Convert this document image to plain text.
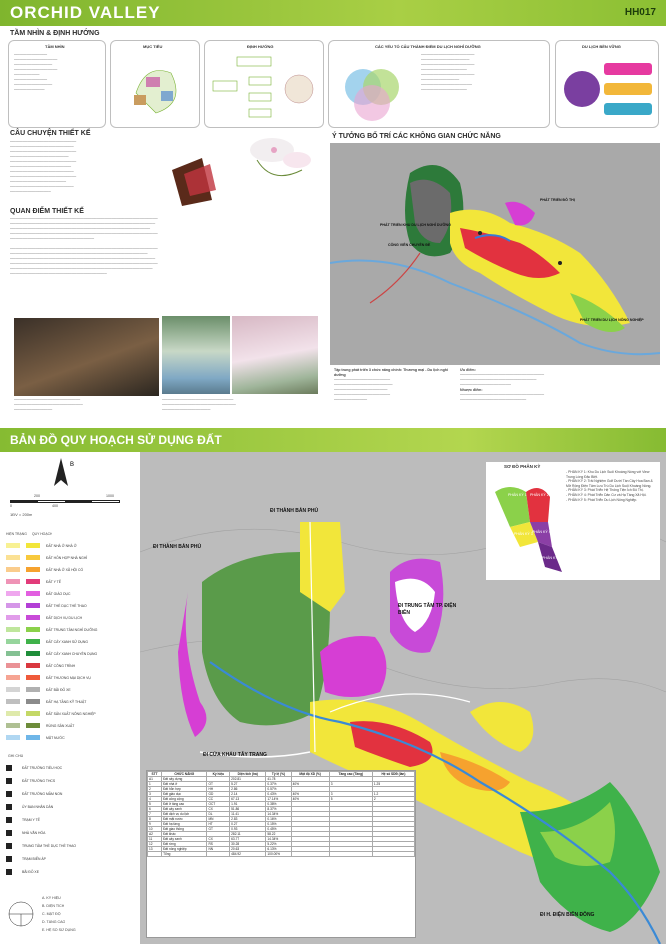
ORCHID VALLEY	HH017
TẦM NHÌN & ĐỊNH HƯỚNG
TẦM NHÌN
─────────────
─────────────────
───────────────
─────────────────
──────────
─────────────
───────────────
────────────
MỤC TIÊU	ĐỊNH HƯỚNG	CÁC YẾU TỐ CẤU THÀNH ĐIỂM DU LỊCH NGHỈ DƯỠNG
─────────────────────
───────────────────
─────────────────────
──────────────────
─────────────────────
───────────────
────────────────────
──────────────────
DU LỊCH BỀN VỮNG
CÂU CHUYỆN THIẾT KẾ
──────────────────────────
─────────────────────────
──────────────────────────
───────────────────────
──────────────────────────
────────────────────────
─────────────────────────
──────────────────────────
──────────────────────
─────────────────────────
────────────────
QUAN ĐIỂM THIẾT KẾ
──────────────────────────────────────────────────────────
─────────────────────────────────────────────────────────
───────────────────────────────────────────────────────
──────────────────────────────────────────────────────────
─────────────────────────────────

──────────────────────────────────────────────────────────
──────────────────────────────────────────────────────
─────────────────────────────────────────────────────────
──────────────────────────────────────────────────────────
────────────────────────────────────────────────────────
──────────────────────────────────────
──────────────────────────
───────────────────────────
───────────────
────────────────────────────
─────────────────────────────
───────────────────
Ý TƯỞNG BỐ TRÍ CÁC KHÔNG GIAN CHỨC NĂNG
PHÁT TRIỂN KHU DU LỊCH NGHỈ DƯỠNG
CÔNG VIÊN CHUYÊN ĐỀ
PHÁT TRIỂN ĐÔ THỊ
PHÁT TRIỂN DU LỊCH NÔNG NGHIỆP
Tập trung phát triển 3 chức năng chính: Thương mại - Du lịch nghỉ dưỡng
──────────────────────
───────────────────────
─────────────────────
──────────────────────
─────────────
Ưu điểm:
─────────────────────────────────
──────────────────────────────
────────────────────
Nhược điểm:
─────────────────────────────────
──────────────────────────
BẢN ĐỒ QUY HOẠCH SỬ DỤNG ĐẤT
ĐI THÀNH BẢN PHỦ
ĐI THÀNH BẢN PHỦ
ĐI TRUNG TÂM TP. ĐIỆN BIÊN
ĐI CỬA KHẨU TÂY TRANG
ĐI H. ĐIỆN BIÊN ĐÔNG
SƠ ĐỒ PHÂN KỲ
PHÂN KỲ 1 PHÂN KỲ 2
PHÂN KỲ 3 PHÂN KỲ 4
PHÂN KỲ 5
- PHÂN KỲ 1: Khu Du Lịch Suối Khoáng Nóng với View Trung Lòng Đặc Biệt.
- PHÂN KỲ 2: Trải Nghiệm Golf Dưới Tán Cây Hoa Ban & Mở Rộng Điện Tâm Lưu Trú Du Lịch Suối Khoáng Nóng.
- PHÂN KỲ 3: Phát Triển Hệ Thống Tiện Ích Đô Thị.
- PHÂN KỲ 4: Phát Triển Dân Cư và Hạ Tầng Xã Hội.
- PHÂN KỲ 5: Phát Triển Du Lịch Nông Nghiệp.
B
0
200
400
1000
1ĐV = 200m
HIỆN TRẠNG QUY HOẠCH
ĐẤT NHÀ Ở NHÀ Ở
ĐẤT HỖN HỢP NHÀ NGHỈ
ĐẤT NHÀ Ở XÃ HỘI CÓ
ĐẤT Y TẾ
ĐẤT GIÁO DỤC
ĐẤT THỂ DỤC THỂ THAO
ĐẤT DỊCH VỤ DU LỊCH
ĐẤT TRUNG TÂM NGHỈ DƯỠNG
ĐẤT CÂY XANH SỬ DỤNG
ĐẤT CÂY XANH CHUYÊN DỤNG
ĐẤT CÔNG TRÌNH
ĐẤT THƯƠNG MẠI DỊCH VỤ
ĐẤT BÃI ĐỖ XE
ĐẤT HẠ TẦNG KỸ THUẬT
ĐẤT SẢN XUẤT NÔNG NGHIỆP
RỪNG SẢN XUẤT
MẶT NƯỚC
GHI CHÚ
ĐẤT TRƯỜNG TIỂU HỌC
ĐẤT TRƯỜNG THCS
ĐẤT TRƯỜNG MẦM NON
ỦY BAN NHÂN DÂN
TRẠM Y TẾ
NHÀ VĂN HÓA
TRUNG TÂM THỂ DỤC THỂ THAO
TRẠM BIẾN ÁP
BÃI ĐỖ XE
A. KÝ HIỆU
B. DIỆN TÍCH
C. MẬT ĐỘ
D. TẦNG CAO
E. HỆ SỐ SỬ DỤNG
STT	CHỨC NĂNG	Ký hiệu	Diện tích (ha)	Tỷ lệ (%)	Mật độ XD (%)	Tầng cao (Tầng)	Hệ số SDĐ (lần)
A1	Đất xây dựng		202.81	41.78			
1	Đất nhà ở	OT	5.27	0.37%	40%	3	1.25
2	Đất hỗn hợp	HH	2.86	0.57%			
3	Đất giáo dục	GD	2.14	0.43%	40%	3	1.2
4	Đất công cộng	CC	67.13	17.14%	40%	5	2
5	Đất ở tầng cao	OCT	1.91	0.38%			
6	Đất cây xanh	CX	51.86	8.37%			
7	Đất dịch vụ du lịch	DL	11.41	14.34%			
8	Đất mặt nước	MN	2.83	0.16%			
9	Đất hạ tầng	HT	0.27	0.15%			
10	Đất giao thông	GT	0.93	0.45%			
A2	Đất khác		282.11	58.22			
11	Đất cây xanh	CX	63.77	14.34%			
12	Đất rừng	RS	30.28	5.22%			
13	Đất nông nghiệp	NN	20.63	6.13%			
	Tổng		484.92	100.00%			
